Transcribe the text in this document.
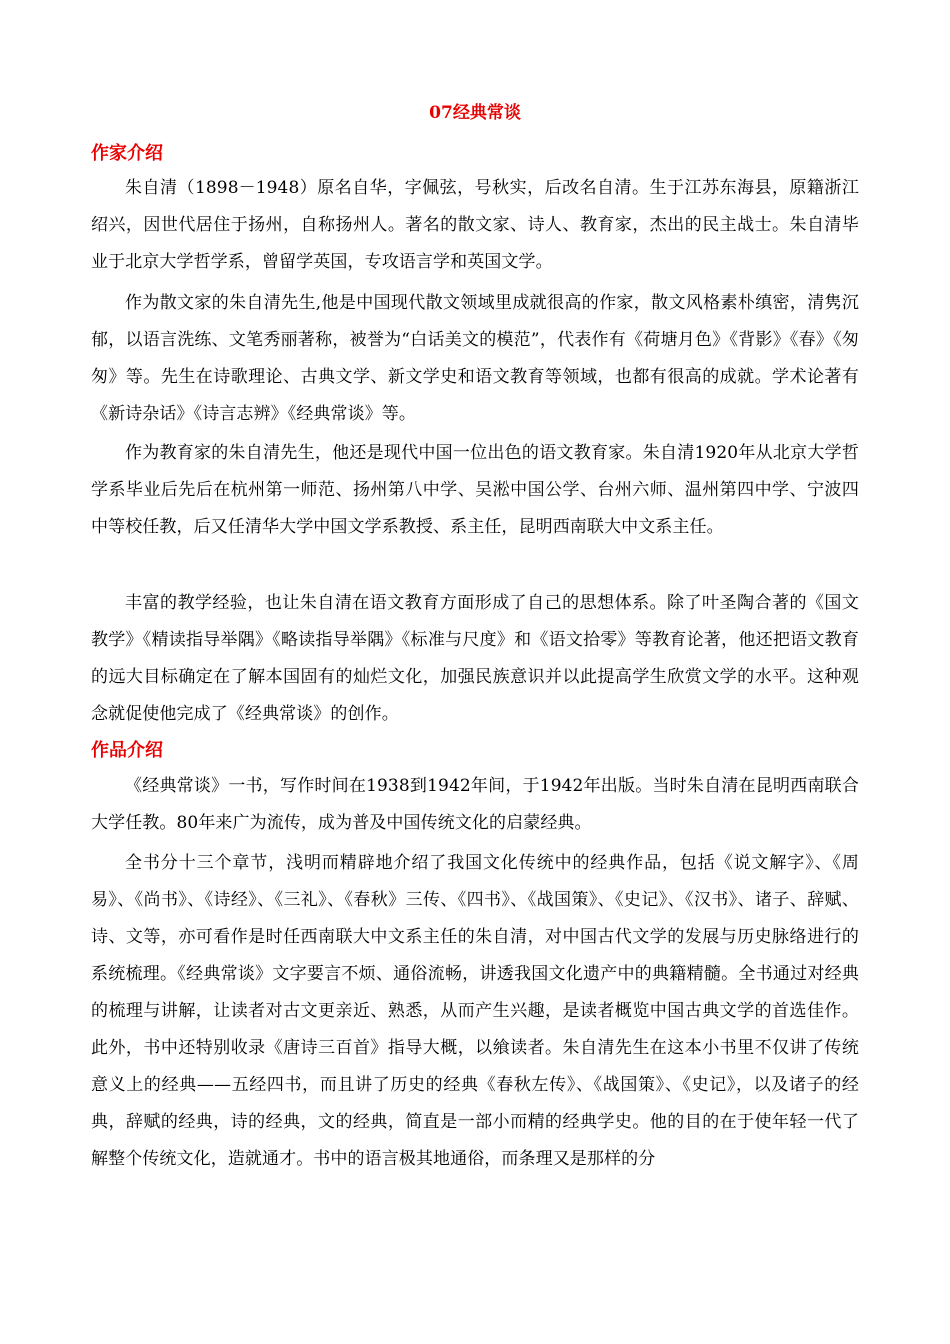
07经典常谈
作家介绍
朱自清（1898－1948）原名自华，字佩弦，号秋实，后改名自清。生于江苏东海县，原籍浙江绍兴，因世代居住于扬州，自称扬州人。著名的散文家、诗人、教育家，杰出的民主战士。朱自清毕业于北京大学哲学系，曾留学英国，专攻语言学和英国文学。
作为散文家的朱自清先生,他是中国现代散文领域里成就很高的作家，散文风格素朴缜密，清隽沉郁，以语言洗练、文笔秀丽著称，被誉为“白话美文的模范”，代表作有《荷塘月色》《背影》《春》《匆匆》等。先生在诗歌理论、古典文学、新文学史和语文教育等领域，也都有很高的成就。学术论著有《新诗杂话》《诗言志辨》《经典常谈》等。
作为教育家的朱自清先生，他还是现代中国一位出色的语文教育家。朱自清1920年从北京大学哲学系毕业后先后在杭州第一师范、扬州第八中学、吴淞中国公学、台州六师、温州第四中学、宁波四中等校任教，后又任清华大学中国文学系教授、系主任，昆明西南联大中文系主任。
丰富的教学经验，也让朱自清在语文教育方面形成了自己的思想体系。除了叶圣陶合著的《国文教学》《精读指导举隅》《略读指导举隅》《标准与尺度》和《语文拾零》等教育论著，他还把语文教育的远大目标确定在了解本国固有的灿烂文化，加强民族意识并以此提高学生欣赏文学的水平。这种观念就促使他完成了《经典常谈》的创作。
作品介绍
《经典常谈》一书，写作时间在1938到1942年间，于1942年出版。当时朱自清在昆明西南联合大学任教。80年来广为流传，成为普及中国传统文化的启蒙经典。
全书分十三个章节，浅明而精辟地介绍了我国文化传统中的经典作品，包括《说文解字》、《周易》、《尚书》、《诗经》、《三礼》、《春秋》三传、《四书》、《战国策》、《史记》、《汉书》、诸子、辞赋、诗、文等，亦可看作是时任西南联大中文系主任的朱自清，对中国古代文学的发展与历史脉络进行的系统梳理。《经典常谈》文字要言不烦、通俗流畅，讲透我国文化遗产中的典籍精髓。全书通过对经典的梳理与讲解，让读者对古文更亲近、熟悉，从而产生兴趣，是读者概览中国古典文学的首选佳作。此外，书中还特别收录《唐诗三百首》指导大概，以飨读者。朱自清先生在这本小书里不仅讲了传统意义上的经典——五经四书，而且讲了历史的经典《春秋左传》、《战国策》、《史记》，以及诸子的经典，辞赋的经典，诗的经典，文的经典，简直是一部小而精的经典学史。他的目的在于使年轻一代了解整个传统文化，造就通才。书中的语言极其地通俗，而条理又是那样的分
